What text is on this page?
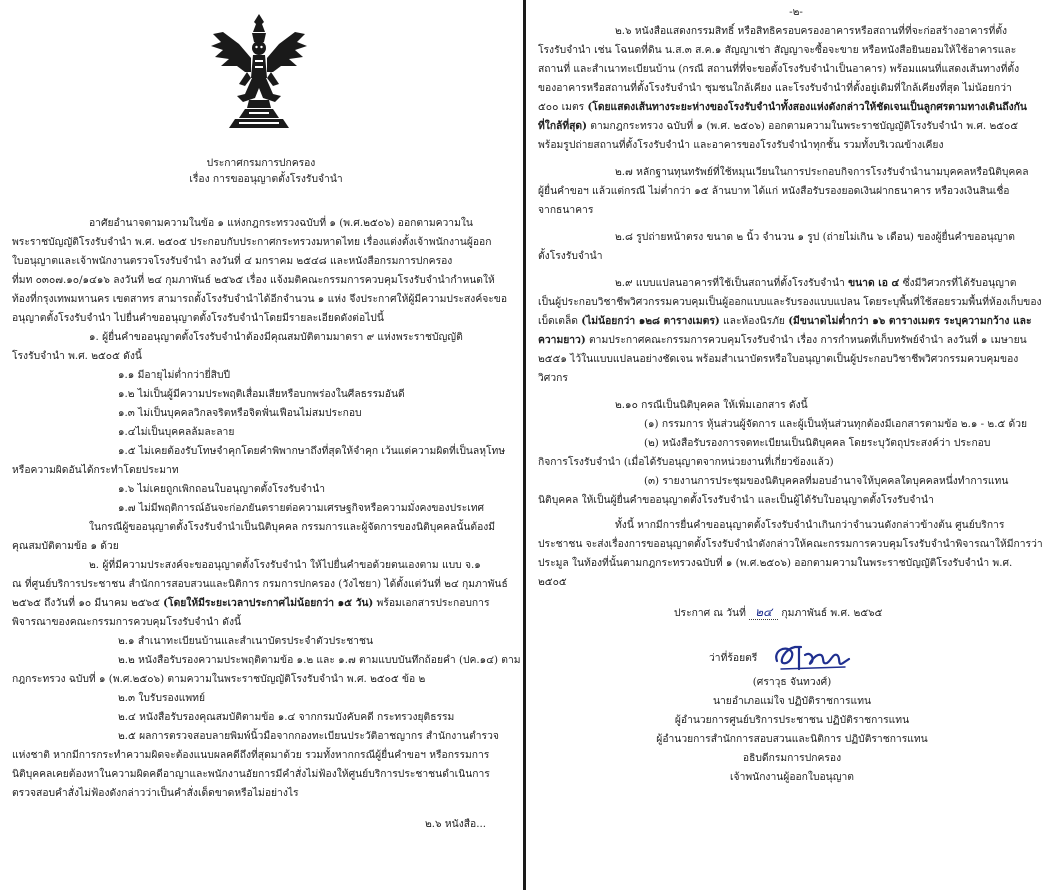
ประกาศกรมการปกครอง
เรื่อง การขออนุญาตตั้งโรงรับจำนำ
อาศัยอำนาจตามความในข้อ ๑ แห่งกฎกระทรวงฉบับที่ ๑ (พ.ศ.๒๕๐๖) ออกตามความใน
พระราชบัญญัติโรงรับจำนำ พ.ศ. ๒๕๐๕ ประกอบกับประกาศกระทรวงมหาดไทย เรื่องแต่งตั้งเจ้าพนักงานผู้ออก
ใบอนุญาตและเจ้าพนักงานตรวจโรงรับจำนำ ลงวันที่ ๔ มกราคม ๒๕๔๘ และหนังสือกรมการปกครอง
ที่มท ๐๓๐๗.๑๐/๑๔๑๖ ลงวันที่ ๒๔ กุมภาพันธ์ ๒๕๖๕ เรื่อง แจ้งมติคณะกรรมการควบคุมโรงรับจำนำกำหนดให้
ท้องที่กรุงเทพมหานคร เขตสาทร สามารถตั้งโรงรับจำนำได้อีกจำนวน ๑ แห่ง จึงประกาศให้ผู้มีความประสงค์จะขอ
อนุญาตตั้งโรงรับจำนำ ไปยื่นคำขออนุญาตตั้งโรงรับจำนำโดยมีรายละเอียดดังต่อไปนี้
๑. ผู้ยื่นคำขออนุญาตตั้งโรงรับจำนำต้องมีคุณสมบัติตามมาตรา ๙ แห่งพระราชบัญญัติ
โรงรับจำนำ พ.ศ. ๒๕๐๕ ดังนี้
๑.๑ มีอายุไม่ต่ำกว่ายี่สิบปี
๑.๒ ไม่เป็นผู้มีความประพฤติเสื่อมเสียหรือบกพร่องในศีลธรรมอันดี
๑.๓ ไม่เป็นบุคคลวิกลจริตหรือจิตฟั่นเฟือนไม่สมประกอบ
๑.๔ไม่เป็นบุคคลล้มละลาย
๑.๕ ไม่เคยต้องรับโทษจำคุกโดยคำพิพากษาถึงที่สุดให้จำคุก เว้นแต่ความผิดที่เป็นลหุโทษ
หรือความผิดอันได้กระทำโดยประมาท
๑.๖ ไม่เคยถูกเพิกถอนใบอนุญาตตั้งโรงรับจำนำ
๑.๗ ไม่มีพฤติการณ์อันจะก่อภยันตรายต่อความเศรษฐกิจหรือความมั่งคงของประเทศ
ในกรณีผู้ขออนุญาตตั้งโรงรับจำนำเป็นนิติบุคคล กรรมการและผู้จัดการของนิติบุคคลนั้นต้องมี
คุณสมบัติตามข้อ ๑ ด้วย
๒. ผู้ที่มีความประสงค์จะขออนุญาตตั้งโรงรับจำนำ ให้ไปยื่นคำขอด้วยตนเองตาม แบบ จ.๑
ณ ที่ศูนย์บริการประชาชน สำนักการสอบสวนและนิติการ กรมการปกครอง (วังไชยา) ได้ตั้งแต่วันที่ ๒๔ กุมภาพันธ์
๒๕๖๕ ถึงวันที่ ๑๐ มีนาคม ๒๕๖๕ (โดยให้มีระยะเวลาประกาศไม่น้อยกว่า ๑๕ วัน) พร้อมเอกสารประกอบการ
พิจารณาของคณะกรรมการควบคุมโรงรับจำนำ ดังนี้
๒.๑ สำเนาทะเบียนบ้านและสำเนาบัตรประจำตัวประชาชน
๒.๒ หนังสือรับรองความประพฤติตามข้อ ๑.๒ และ ๑.๗ ตามแบบบันทึกถ้อยคำ (ปค.๑๔) ตาม
กฎกระทรวง ฉบับที่ ๑ (พ.ศ.๒๕๐๖) ตามความในพระราชบัญญัติโรงรับจำนำ พ.ศ. ๒๕๐๕ ข้อ ๒
๒.๓ ใบรับรองแพทย์
๒.๔ หนังสือรับรองคุณสมบัติตามข้อ ๑.๔ จากกรมบังคับคดี กระทรวงยุติธรรม
๒.๕ ผลการตรวจสอบลายพิมพ์นิ้วมือจากกองทะเบียนประวัติอาชญากร สำนักงานตำรวจ
แห่งชาติ หากมีการกระทำความผิดจะต้องแนบผลคดีถึงที่สุดมาด้วย รวมทั้งหากกรณีผู้ยื่นคำขอฯ หรือกรรมการ
นิติบุคคลเคยต้องหาในความผิดคดีอาญาและพนักงานอัยการมีคำสั่งไม่ฟ้องให้ศูนย์บริการประชาชนดำเนินการ
ตรวจสอบคำสั่งไม่ฟ้องดังกล่าวว่าเป็นคำสั่งเด็ดขาดหรือไม่อย่างไร
๒.๖ หนังสือ...
-๒-
๒.๖ หนังสือแสดงกรรมสิทธิ์ หรือสิทธิครอบครองอาคารหรือสถานที่ที่จะก่อสร้างอาคารที่ตั้ง
โรงรับจำนำ เช่น โฉนดที่ดิน น.ส.๓ ส.ค.๑ สัญญาเช่า สัญญาจะซื้อจะขาย หรือหนังสือยินยอมให้ใช้อาคารและ
สถานที่ และสำเนาทะเบียนบ้าน (กรณี สถานที่ที่จะขอตั้งโรงรับจำนำเป็นอาคาร) พร้อมแผนที่แสดงเส้นทางที่ตั้ง
ของอาคารหรือสถานที่ตั้งโรงรับจำนำ ชุมชนใกล้เคียง และโรงรับจำนำที่ตั้งอยู่เดิมที่ใกล้เคียงที่สุด ไม่น้อยกว่า
๕๐๐ เมตร (โดยแสดงเส้นทางระยะห่างของโรงรับจำนำทั้งสองแห่งดังกล่าวให้ชัดเจนเป็นลูกศรตามทางเดินถึงกัน
ที่ใกล้ที่สุด) ตามกฎกระทรวง ฉบับที่ ๑ (พ.ศ. ๒๕๐๖) ออกตามความในพระราชบัญญัติโรงรับจำนำ พ.ศ. ๒๕๐๕
พร้อมรูปถ่ายสถานที่ตั้งโรงรับจำนำ และอาคารของโรงรับจำนำทุกชั้น รวมทั้งบริเวณข้างเคียง
๒.๗ หลักฐานทุนทรัพย์ที่ใช้หมุนเวียนในการประกอบกิจการโรงรับจำนำนามบุคคลหรือนิติบุคคล
ผู้ยื่นคำขอฯ แล้วแต่กรณี ไม่ต่ำกว่า ๑๕ ล้านบาท ได้แก่ หนังสือรับรองยอดเงินฝากธนาคาร หรือวงเงินสินเชื่อ
จากธนาคาร
๒.๘ รูปถ่ายหน้าตรง ขนาด ๒ นิ้ว จำนวน ๑ รูป (ถ่ายไม่เกิน ๖ เดือน) ของผู้ยื่นคำขออนุญาต
ตั้งโรงรับจำนำ
๒.๙ แบบแปลนอาคารที่ใช้เป็นสถานที่ตั้งโรงรับจำนำ ขนาด เอ ๔ ซึ่งมีวิศวกรที่ได้รับอนุญาต
เป็นผู้ประกอบวิชาชีพวิศวกรรมควบคุมเป็นผู้ออกแบบและรับรองแบบแปลน โดยระบุพื้นที่ใช้สอยรวมพื้นที่ห้องเก็บของ
เบ็ดเตล็ด (ไม่น้อยกว่า ๑๒๘ ตารางเมตร) และห้องนิรภัย (มีขนาดไม่ต่ำกว่า ๑๖ ตารางเมตร ระบุความกว้าง และ
ความยาว) ตามประกาศคณะกรรมการควบคุมโรงรับจำนำ เรื่อง การกำหนดที่เก็บทรัพย์จำนำ ลงวันที่ ๑ เมษายน
๒๕๕๑ ไว้ในแบบแปลนอย่างชัดเจน พร้อมสำเนาบัตรหรือใบอนุญาตเป็นผู้ประกอบวิชาชีพวิศวกรรมควบคุมของ
วิศวกร
๒.๑๐ กรณีเป็นนิติบุคคล ให้เพิ่มเอกสาร ดังนี้
(๑) กรรมการ หุ้นส่วนผู้จัดการ และผู้เป็นหุ้นส่วนทุกต้องมีเอกสารตามข้อ ๒.๑ - ๒.๕ ด้วย
(๒) หนังสือรับรองการจดทะเบียนเป็นนิติบุคคล โดยระบุวัตถุประสงค์ว่า ประกอบ
กิจการโรงรับจำนำ (เมื่อได้รับอนุญาตจากหน่วยงานที่เกี่ยวข้องแล้ว)
(๓) รายงานการประชุมของนิติบุคคลที่มอบอำนาจให้บุคคลใดบุคคลหนึ่งทำการแทน
นิติบุคคล ให้เป็นผู้ยื่นคำขออนุญาตตั้งโรงรับจำนำ และเป็นผู้ได้รับใบอนุญาตตั้งโรงรับจำนำ
ทั้งนี้ หากมีการยื่นคำขออนุญาตตั้งโรงรับจำนำเกินกว่าจำนวนดังกล่าวข้างต้น ศูนย์บริการ
ประชาชน จะส่งเรื่องการขออนุญาตตั้งโรงรับจำนำดังกล่าวให้คณะกรรมการควบคุมโรงรับจำนำพิจารณาให้มีการว่า
ประมูล ในท้องที่นั้นตามกฎกระทรวงฉบับที่ ๑ (พ.ศ.๒๕๐๖) ออกตามความในพระราชบัญญัติโรงรับจำนำ พ.ศ.
๒๕๐๕
ประกาศ ณ วันที่ ๒๔ กุมภาพันธ์ พ.ศ. ๒๕๖๕
ว่าที่ร้อยตรี
(ศราวุธ จันทวงศ์)
นายอำเภอแม่ใจ ปฏิบัติราชการแทน
ผู้อำนวยการศูนย์บริการประชาชน ปฏิบัติราชการแทน
ผู้อำนวยการสำนักการสอบสวนและนิติการ ปฏิบัติราชการแทน
อธิบดีกรมการปกครอง
เจ้าพนักงานผู้ออกใบอนุญาต
